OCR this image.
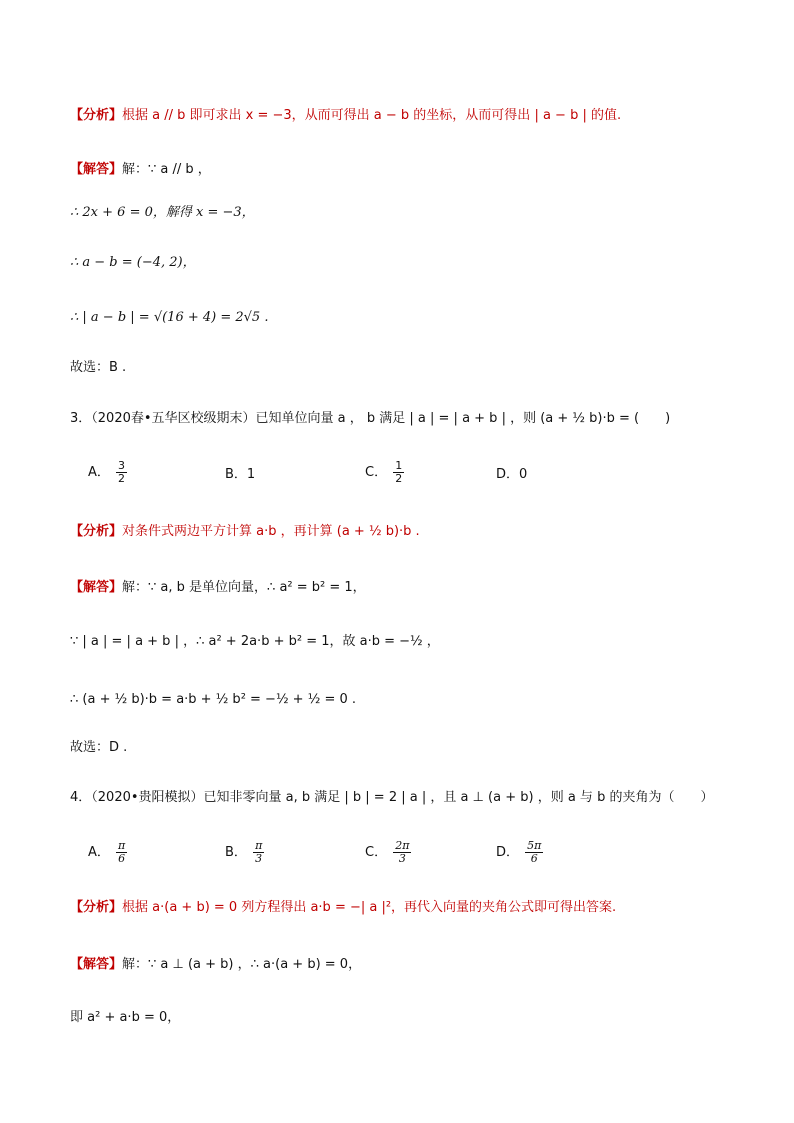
【分析】根据 a // b 即可求出 x = −3，从而可得出 a − b 的坐标，从而可得出 | a − b | 的值.
【解答】解：∵ a // b ，
∴ 2x + 6 = 0，解得 x = −3，
∴ a − b = (−4, 2)，
∴ | a − b | = √(16 + 4) = 2√5 .
故选：B .
3．（2020春•五华区校级期末）已知单位向量 a ， b 满足 | a | = | a + b | ，则 (a + ½ b)·b = (　　)
A． $\frac{3}{2}$	B．1	C． $\frac{1}{2}$	D．0
【分析】对条件式两边平方计算 a·b ，再计算 (a + ½ b)·b .
【解答】解：∵ a, b 是单位向量，∴ a² = b² = 1，
∵ | a | = | a + b | ，∴ a² + 2a·b + b² = 1，故 a·b = −½ ，
∴ (a + ½ b)·b = a·b + ½ b² = −½ + ½ = 0 .
故选：D .
4．（2020•贵阳模拟）已知非零向量 a, b 满足 | b | = 2 | a | ，且 a ⊥ (a + b) ，则 a 与 b 的夹角为（　　）
A． $\frac{\pi}{6}$	B． $\frac{\pi}{3}$	C． $\frac{2\pi}{3}$	D． $\frac{5\pi}{6}$
【分析】根据 a·(a + b) = 0 列方程得出 a·b = −| a |²，再代入向量的夹角公式即可得出答案.
【解答】解：∵ a ⊥ (a + b) ，∴ a·(a + b) = 0，
即 a² + a·b = 0，
